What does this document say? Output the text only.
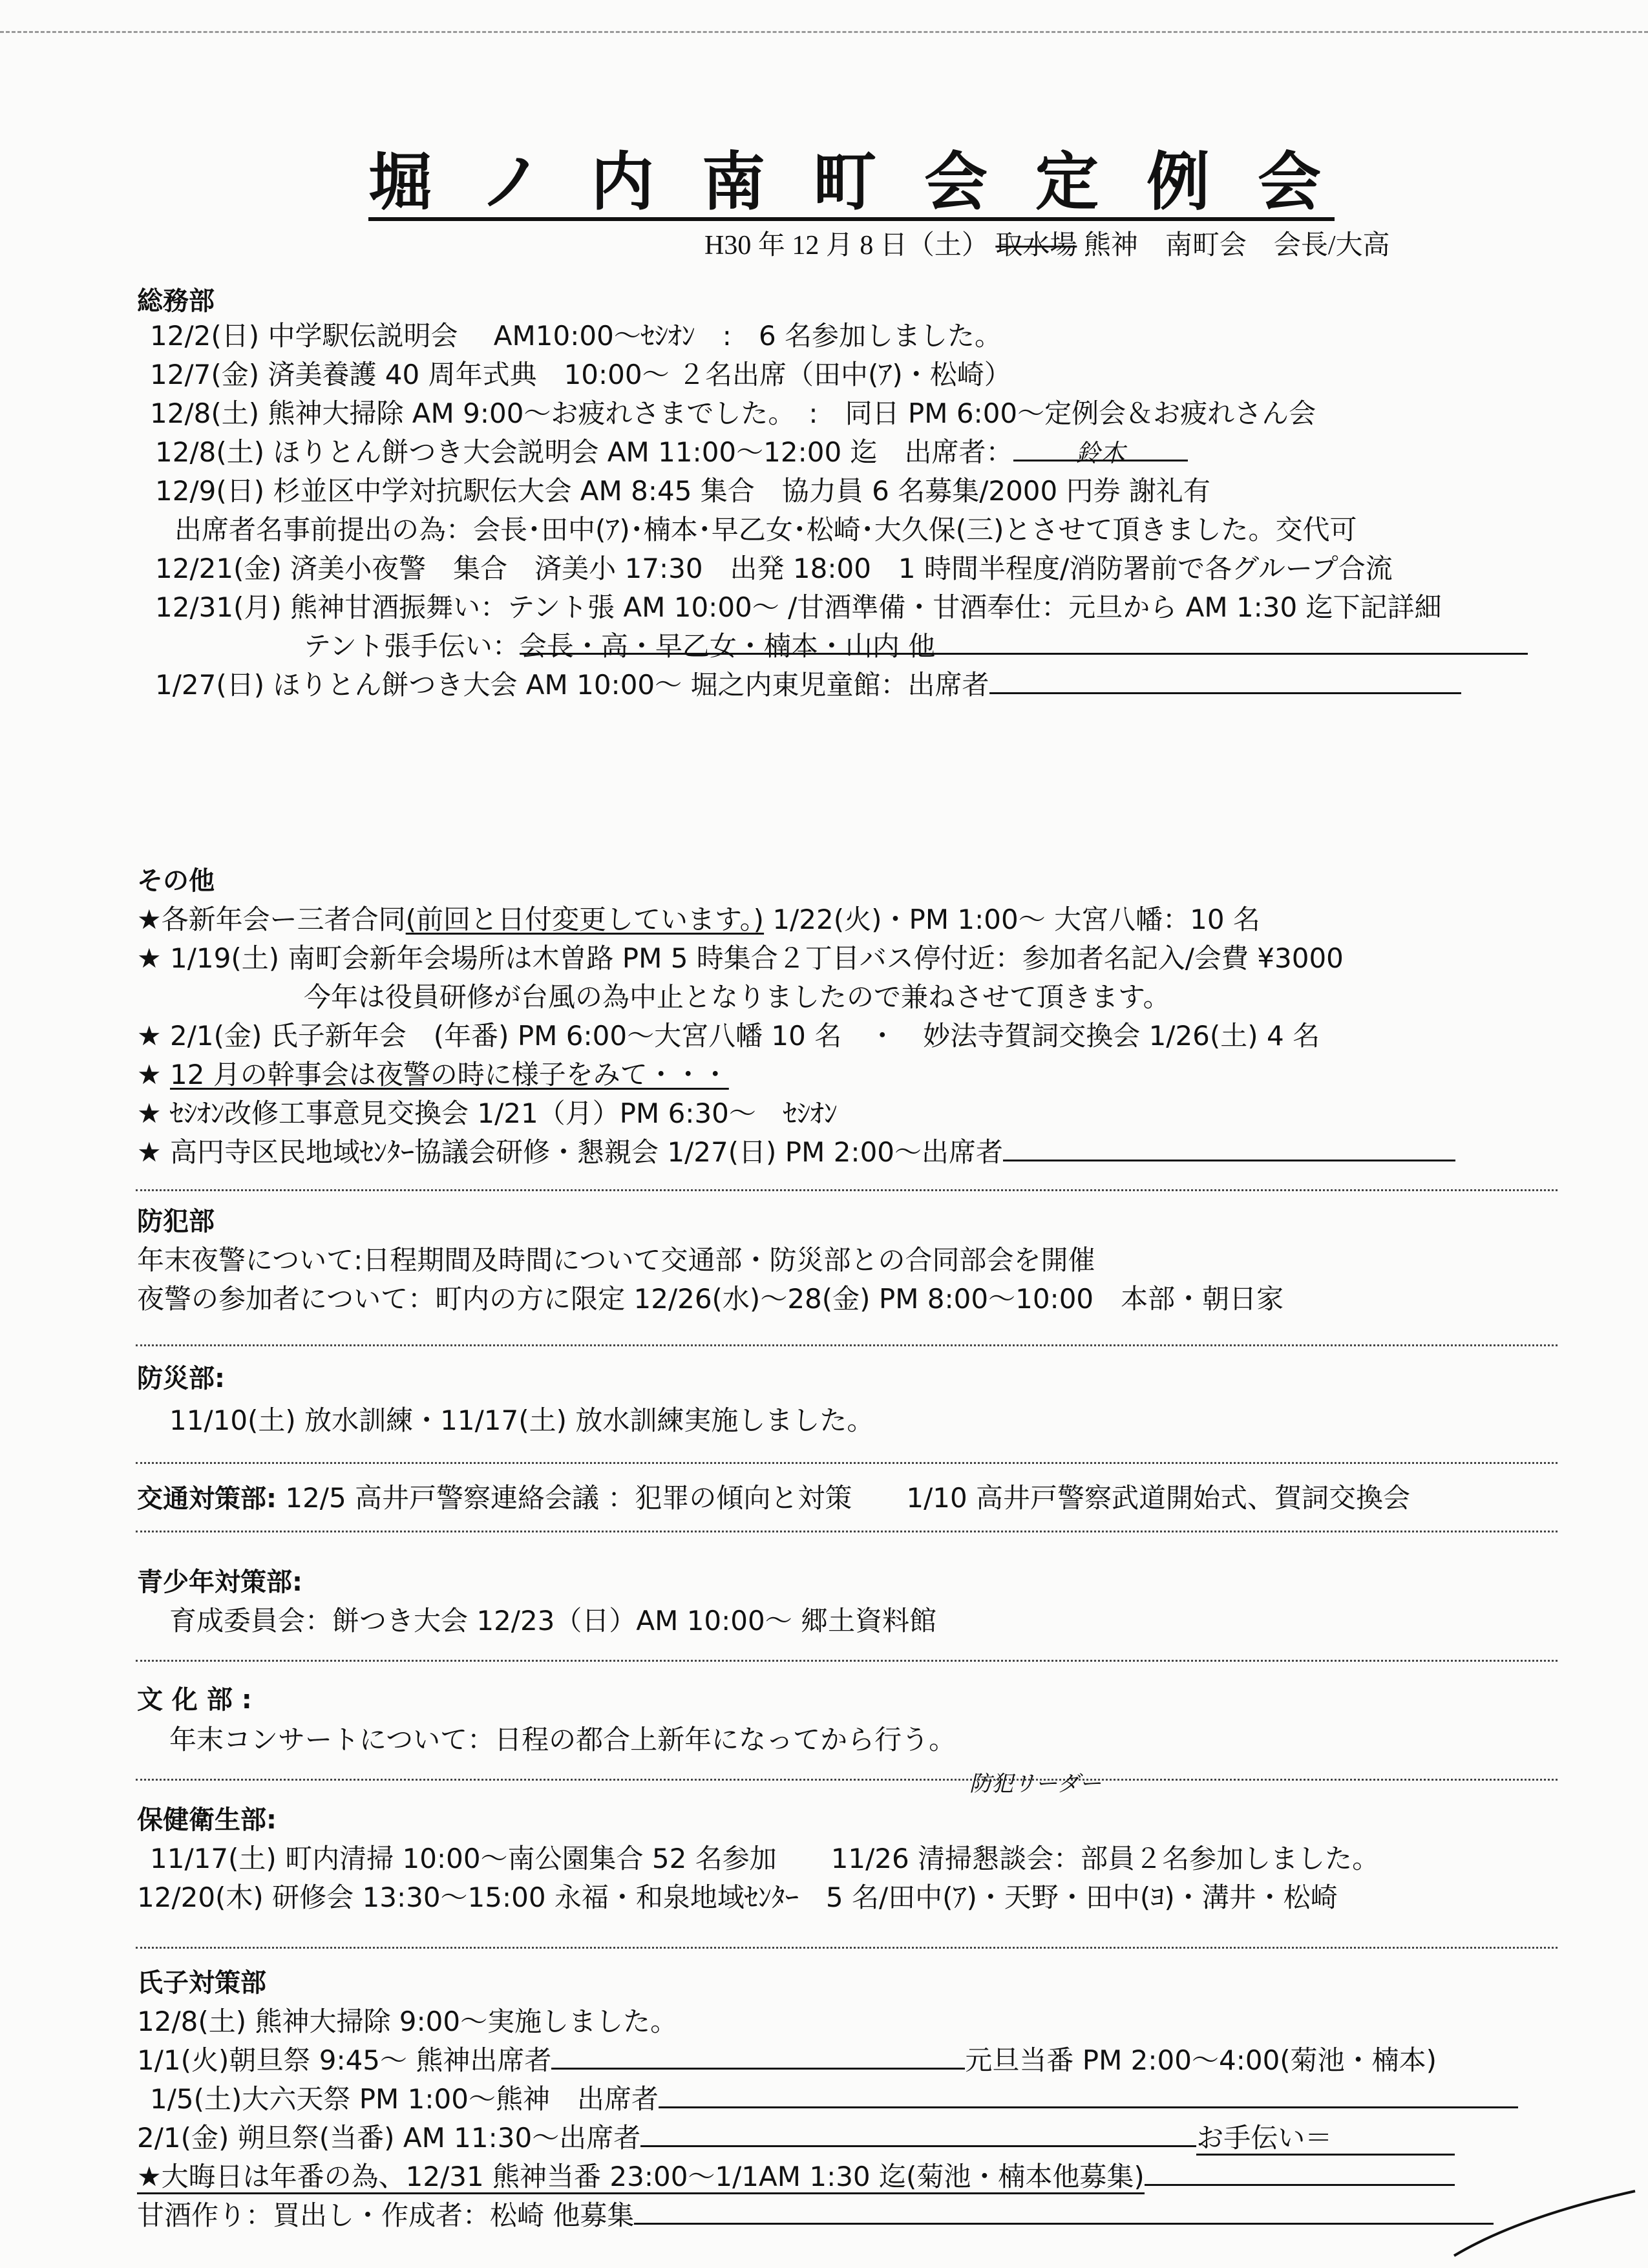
堀ノ内南町会定例会
H30 年 12 月 8 日（土） 取水場 熊神　南町会　会長/大高
総務部
12/2(日) 中学駅伝説明会　 AM10:00～ｾｼｵﾝ　:　6 名参加しました。
12/7(金) 済美養護 40 周年式典　10:00～ ２名出席（田中(ｱ)・松崎）
12/8(土) 熊神大掃除 AM 9:00～お疲れさまでした。　:　同日 PM 6:00～定例会＆お疲れさん会
12/8(土) ほりとん餅つき大会説明会 AM 11:00～12:00 迄　出席者：	鈴木
12/9(日) 杉並区中学対抗駅伝大会 AM 8:45 集合　協力員 6 名募集/2000 円券 謝礼有
出席者名事前提出の為：会長･田中(ｱ)･楠本･早乙女･松崎･大久保(三)とさせて頂きました。交代可
12/21(金) 済美小夜警　集合　済美小 17:30　出発 18:00　1 時間半程度/消防署前で各グループ合流
12/31(月) 熊神甘酒振舞い：テント張 AM 10:00～ /甘酒準備・甘酒奉仕：元旦から AM 1:30 迄下記詳細
テント張手伝い：会長・高・早乙女・楠本・山内 他
1/27(日) ほりとん餅つき大会 AM 10:00～ 堀之内東児童館：出席者
その他
★各新年会ー三者合同(前回と日付変更しています。) 1/22(火)・PM 1:00～ 大宮八幡：10 名
★ 1/19(土) 南町会新年会場所は木曽路 PM 5 時集合２丁目バス停付近：参加者名記入/会費 ¥3000
今年は役員研修が台風の為中止となりましたので兼ねさせて頂きます。
★ 2/1(金) 氏子新年会　(年番) PM 6:00～大宮八幡 10 名　・　妙法寺賀詞交換会 1/26(土) 4 名
★ 12 月の幹事会は夜警の時に様子をみて・・・
★ ｾｼｵﾝ改修工事意見交換会 1/21（月）PM 6:30～　ｾｼｵﾝ
★ 高円寺区民地域ｾﾝﾀｰ協議会研修・懇親会 1/27(日) PM 2:00～出席者
防犯部
年末夜警について:日程期間及時間について交通部・防災部との合同部会を開催
夜警の参加者について：町内の方に限定 12/26(水)～28(金) PM 8:00～10:00　本部・朝日家
防災部:
11/10(土) 放水訓練・11/17(土) 放水訓練実施しました。
交通対策部: 12/5 高井戸警察連絡会議 ：犯罪の傾向と対策　　1/10 高井戸警察武道開始式、賀詞交換会
青少年対策部:
育成委員会：餅つき大会 12/23（日）AM 10:00～ 郷土資料館
文 化 部 :
年末コンサートについて：日程の都合上新年になってから行う。
保健衛生部:
防犯リーダー
11/17(土) 町内清掃 10:00～南公園集合 52 名参加　　11/26 清掃懇談会：部員２名参加しました。
12/20(木) 研修会 13:30～15:00 永福・和泉地域ｾﾝﾀｰ　5 名/田中(ｱ)・天野・田中(ﾖ)・溝井・松崎
氏子対策部
12/8(土) 熊神大掃除 9:00～実施しました。
1/1(火)朝旦祭 9:45～ 熊神出席者	元旦当番 PM 2:00～4:00(菊池・楠本)
1/5(土)大六天祭 PM 1:00～熊神　出席者
2/1(金) 朔旦祭(当番) AM 11:30～出席者	お手伝い＝
★大晦日は年番の為、12/31 熊神当番 23:00～1/1AM 1:30 迄(菊池・楠本他募集)
甘酒作り：買出し・作成者：松崎 他募集
